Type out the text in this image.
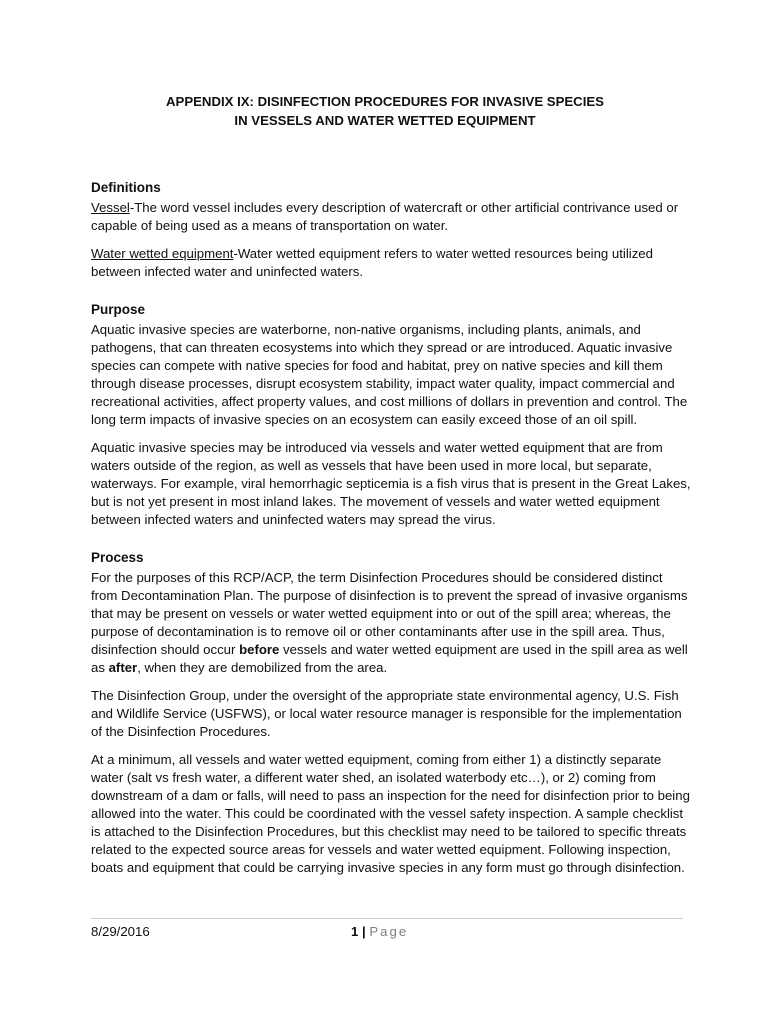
APPENDIX IX: DISINFECTION PROCEDURES FOR INVASIVE SPECIES
IN VESSELS AND WATER WETTED EQUIPMENT
Definitions
Vessel-The word vessel includes every description of watercraft or other artificial contrivance used or capable of being used as a means of transportation on water.
Water wetted equipment-Water wetted equipment refers to water wetted resources being utilized between infected water and uninfected waters.
Purpose
Aquatic invasive species are waterborne, non-native organisms, including plants, animals, and pathogens, that can threaten ecosystems into which they spread or are introduced. Aquatic invasive species can compete with native species for food and habitat, prey on native species and kill them through disease processes, disrupt ecosystem stability, impact water quality, impact commercial and recreational activities, affect property values, and cost millions of dollars in prevention and control. The long term impacts of invasive species on an ecosystem can easily exceed those of an oil spill.
Aquatic invasive species may be introduced via vessels and water wetted equipment that are from waters outside of the region, as well as vessels that have been used in more local, but separate, waterways. For example, viral hemorrhagic septicemia is a fish virus that is present in the Great Lakes, but is not yet present in most inland lakes. The movement of vessels and water wetted equipment between infected waters and uninfected waters may spread the virus.
Process
For the purposes of this RCP/ACP, the term Disinfection Procedures should be considered distinct from Decontamination Plan. The purpose of disinfection is to prevent the spread of invasive organisms that may be present on vessels or water wetted equipment into or out of the spill area; whereas, the purpose of decontamination is to remove oil or other contaminants after use in the spill area. Thus, disinfection should occur before vessels and water wetted equipment are used in the spill area as well as after, when they are demobilized from the area.
The Disinfection Group, under the oversight of the appropriate state environmental agency, U.S. Fish and Wildlife Service (USFWS), or local water resource manager is responsible for the implementation of the Disinfection Procedures.
At a minimum, all vessels and water wetted equipment, coming from either 1) a distinctly separate water (salt vs fresh water, a different water shed, an isolated waterbody etc…), or 2) coming from downstream of a dam or falls, will need to pass an inspection for the need for disinfection prior to being allowed into the water. This could be coordinated with the vessel safety inspection. A sample checklist is attached to the Disinfection Procedures, but this checklist may need to be tailored to specific threats related to the expected source areas for vessels and water wetted equipment. Following inspection, boats and equipment that could be carrying invasive species in any form must go through disinfection.
8/29/2016	1 | Page
